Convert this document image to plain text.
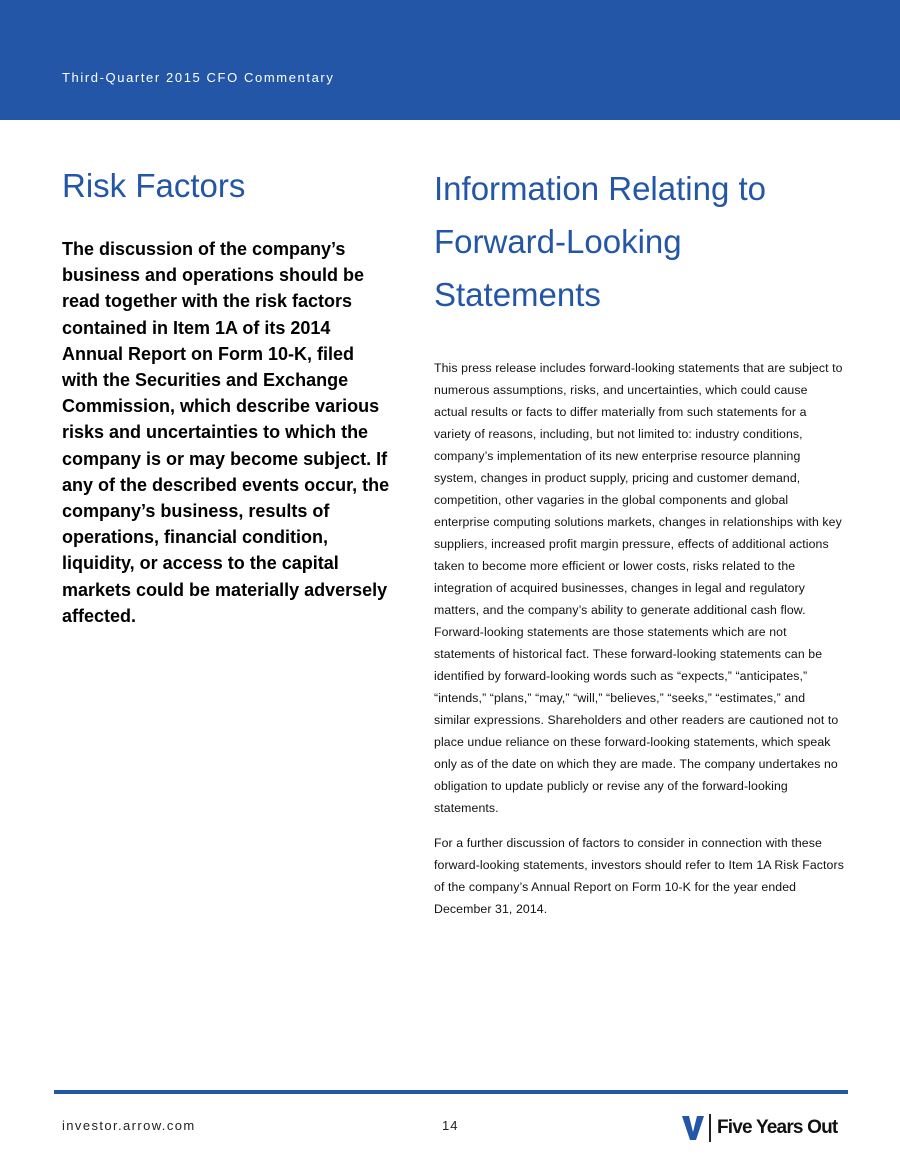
Third-Quarter 2015 CFO Commentary
Risk Factors
The discussion of the company’s business and operations should be read together with the risk factors contained in Item 1A of its 2014 Annual Report on Form 10-K, filed with the Securities and Exchange Commission, which describe various risks and uncertainties to which the company is or may become subject. If any of the described events occur, the company’s business, results of operations, financial condition, liquidity, or access to the capital markets could be materially adversely affected.
Information Relating to Forward-Looking Statements

This press release includes forward-looking statements that are subject to numerous assumptions, risks, and uncertainties, which could cause actual results or facts to differ materially from such statements for a variety of reasons, including, but not limited to: industry conditions, company’s implementation of its new enterprise resource planning system, changes in product supply, pricing and customer demand, competition, other vagaries in the global components and global enterprise computing solutions markets, changes in relationships with key suppliers, increased profit margin pressure, effects of additional actions taken to become more efficient or lower costs, risks related to the integration of acquired businesses, changes in legal and regulatory matters, and the company’s ability to generate additional cash flow. Forward-looking statements are those statements which are not statements of historical fact. These forward-looking statements can be identified by forward-looking words such as “expects,” “anticipates,” “intends,” “plans,” “may,” “will,” “believes,” “seeks,” “estimates,” and similar expressions. Shareholders and other readers are cautioned not to place undue reliance on these forward-looking statements, which speak only as of the date on which they are made. The company undertakes no obligation to update publicly or revise any of the forward-looking statements.

For a further discussion of factors to consider in connection with these forward-looking statements, investors should refer to Item 1A Risk Factors of the company’s Annual Report on Form 10-K for the year ended December 31, 2014.

investor.arrow.com	14	Five Years Out
